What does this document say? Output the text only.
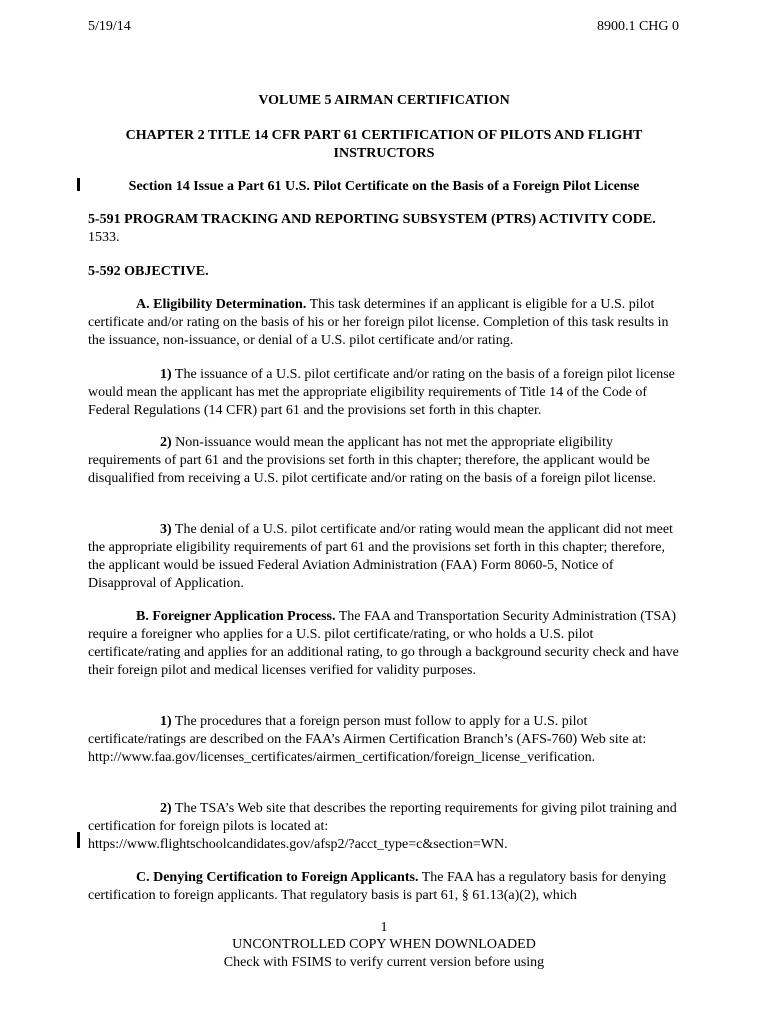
5/19/14	8900.1 CHG 0
VOLUME 5 AIRMAN CERTIFICATION
CHAPTER 2 TITLE 14 CFR PART 61 CERTIFICATION OF PILOTS AND FLIGHT INSTRUCTORS
Section 14 Issue a Part 61 U.S. Pilot Certificate on the Basis of a Foreign Pilot License
5-591 PROGRAM TRACKING AND REPORTING SUBSYSTEM (PTRS) ACTIVITY CODE. 1533.
5-592 OBJECTIVE.
A. Eligibility Determination. This task determines if an applicant is eligible for a U.S. pilot certificate and/or rating on the basis of his or her foreign pilot license. Completion of this task results in the issuance, non-issuance, or denial of a U.S. pilot certificate and/or rating.
1) The issuance of a U.S. pilot certificate and/or rating on the basis of a foreign pilot license would mean the applicant has met the appropriate eligibility requirements of Title 14 of the Code of Federal Regulations (14 CFR) part 61 and the provisions set forth in this chapter.
2) Non-issuance would mean the applicant has not met the appropriate eligibility requirements of part 61 and the provisions set forth in this chapter; therefore, the applicant would be disqualified from receiving a U.S. pilot certificate and/or rating on the basis of a foreign pilot license.
3) The denial of a U.S. pilot certificate and/or rating would mean the applicant did not meet the appropriate eligibility requirements of part 61 and the provisions set forth in this chapter; therefore, the applicant would be issued Federal Aviation Administration (FAA) Form 8060-5, Notice of Disapproval of Application.
B. Foreigner Application Process. The FAA and Transportation Security Administration (TSA) require a foreigner who applies for a U.S. pilot certificate/rating, or who holds a U.S. pilot certificate/rating and applies for an additional rating, to go through a background security check and have their foreign pilot and medical licenses verified for validity purposes.
1) The procedures that a foreign person must follow to apply for a U.S. pilot certificate/ratings are described on the FAA’s Airmen Certification Branch’s (AFS-760) Web site at:
http://www.faa.gov/licenses_certificates/airmen_certification/foreign_license_verification.
2) The TSA’s Web site that describes the reporting requirements for giving pilot training and certification for foreign pilots is located at:
https://www.flightschoolcandidates.gov/afsp2/?acct_type=c&section=WN.
C. Denying Certification to Foreign Applicants. The FAA has a regulatory basis for denying certification to foreign applicants. That regulatory basis is part 61, § 61.13(a)(2), which
1
UNCONTROLLED COPY WHEN DOWNLOADED
Check with FSIMS to verify current version before using
